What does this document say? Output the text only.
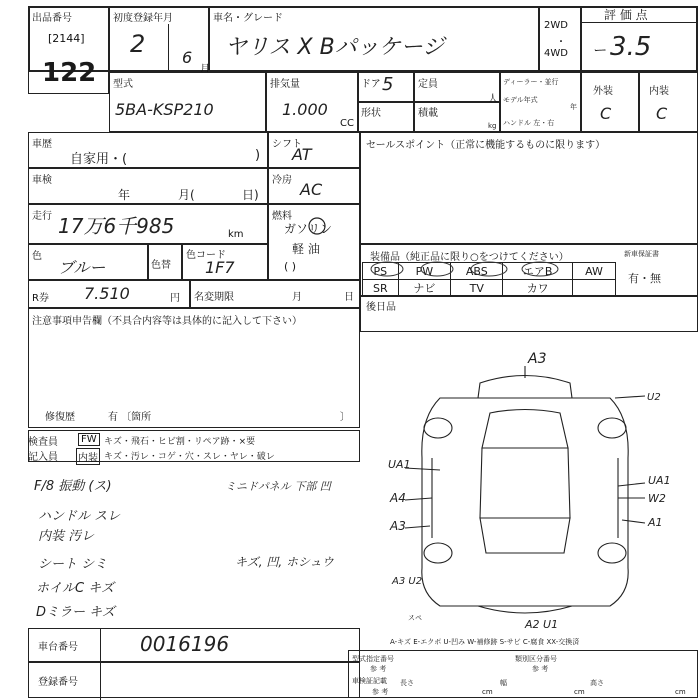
出品番号
[2144]
122
初度登録年月
2 6
月
車名・グレード
ヤリス X Bパッケージ
2WD
・
4WD
評 価 点
ー 3.5
型式
5BA-KSP210
排気量
1.000
CC
ドア 5 定員
人
形状	積載
kg
ディーラー・並行
モデル年式
年
ハンドル 左・右
外装
C
内装
C
車歴
自家用・(	)
シフト
AT
車検
年	月(	日)
冷房 AC
走行 17万6千985	km
燃料
ガソリン
軽 油
( )
色
ブルー	色替
色コード
1F7
R券 7.510	円 名変期限	月	日
セールスポイント（正常に機能するものに限ります）
装備品（純正品に限り○をつけてください）	新車保証書
有・無
PS	PW	ABS	エアB	AW
SR	ナビ	TV	カワ	
後日品
注意事項申告欄（不具合内容等は具体的に記入して下さい）
修復歴	有 〔箇所	〕
検査員
記入員
FW キズ・飛石・ヒビ割・リペア跡・×要
内装 キズ・汚レ・コゲ・穴・スレ・ヤレ・破レ
F/8 振動 (ス)	ミニドパネル 下部 凹
ハンドル スレ
内装 汚レ
シート シミ	キズ, 凹, ホシュウ
ホイルC キズ
Dミラー キズ
A3
U2
UA1
A4
A3
UA1
W2
A1
A3 U2
A2 U1
スペ
A-キズ E-エクボ U-凹み W-補修跡 S-サビ C-腐食 XX-交換済
車台番号	0016196
登録番号
型式指定番号
参 考
類別区分番号
参 考
車検証記載
参 考
長さ
cm
幅
cm
高さ
cm
